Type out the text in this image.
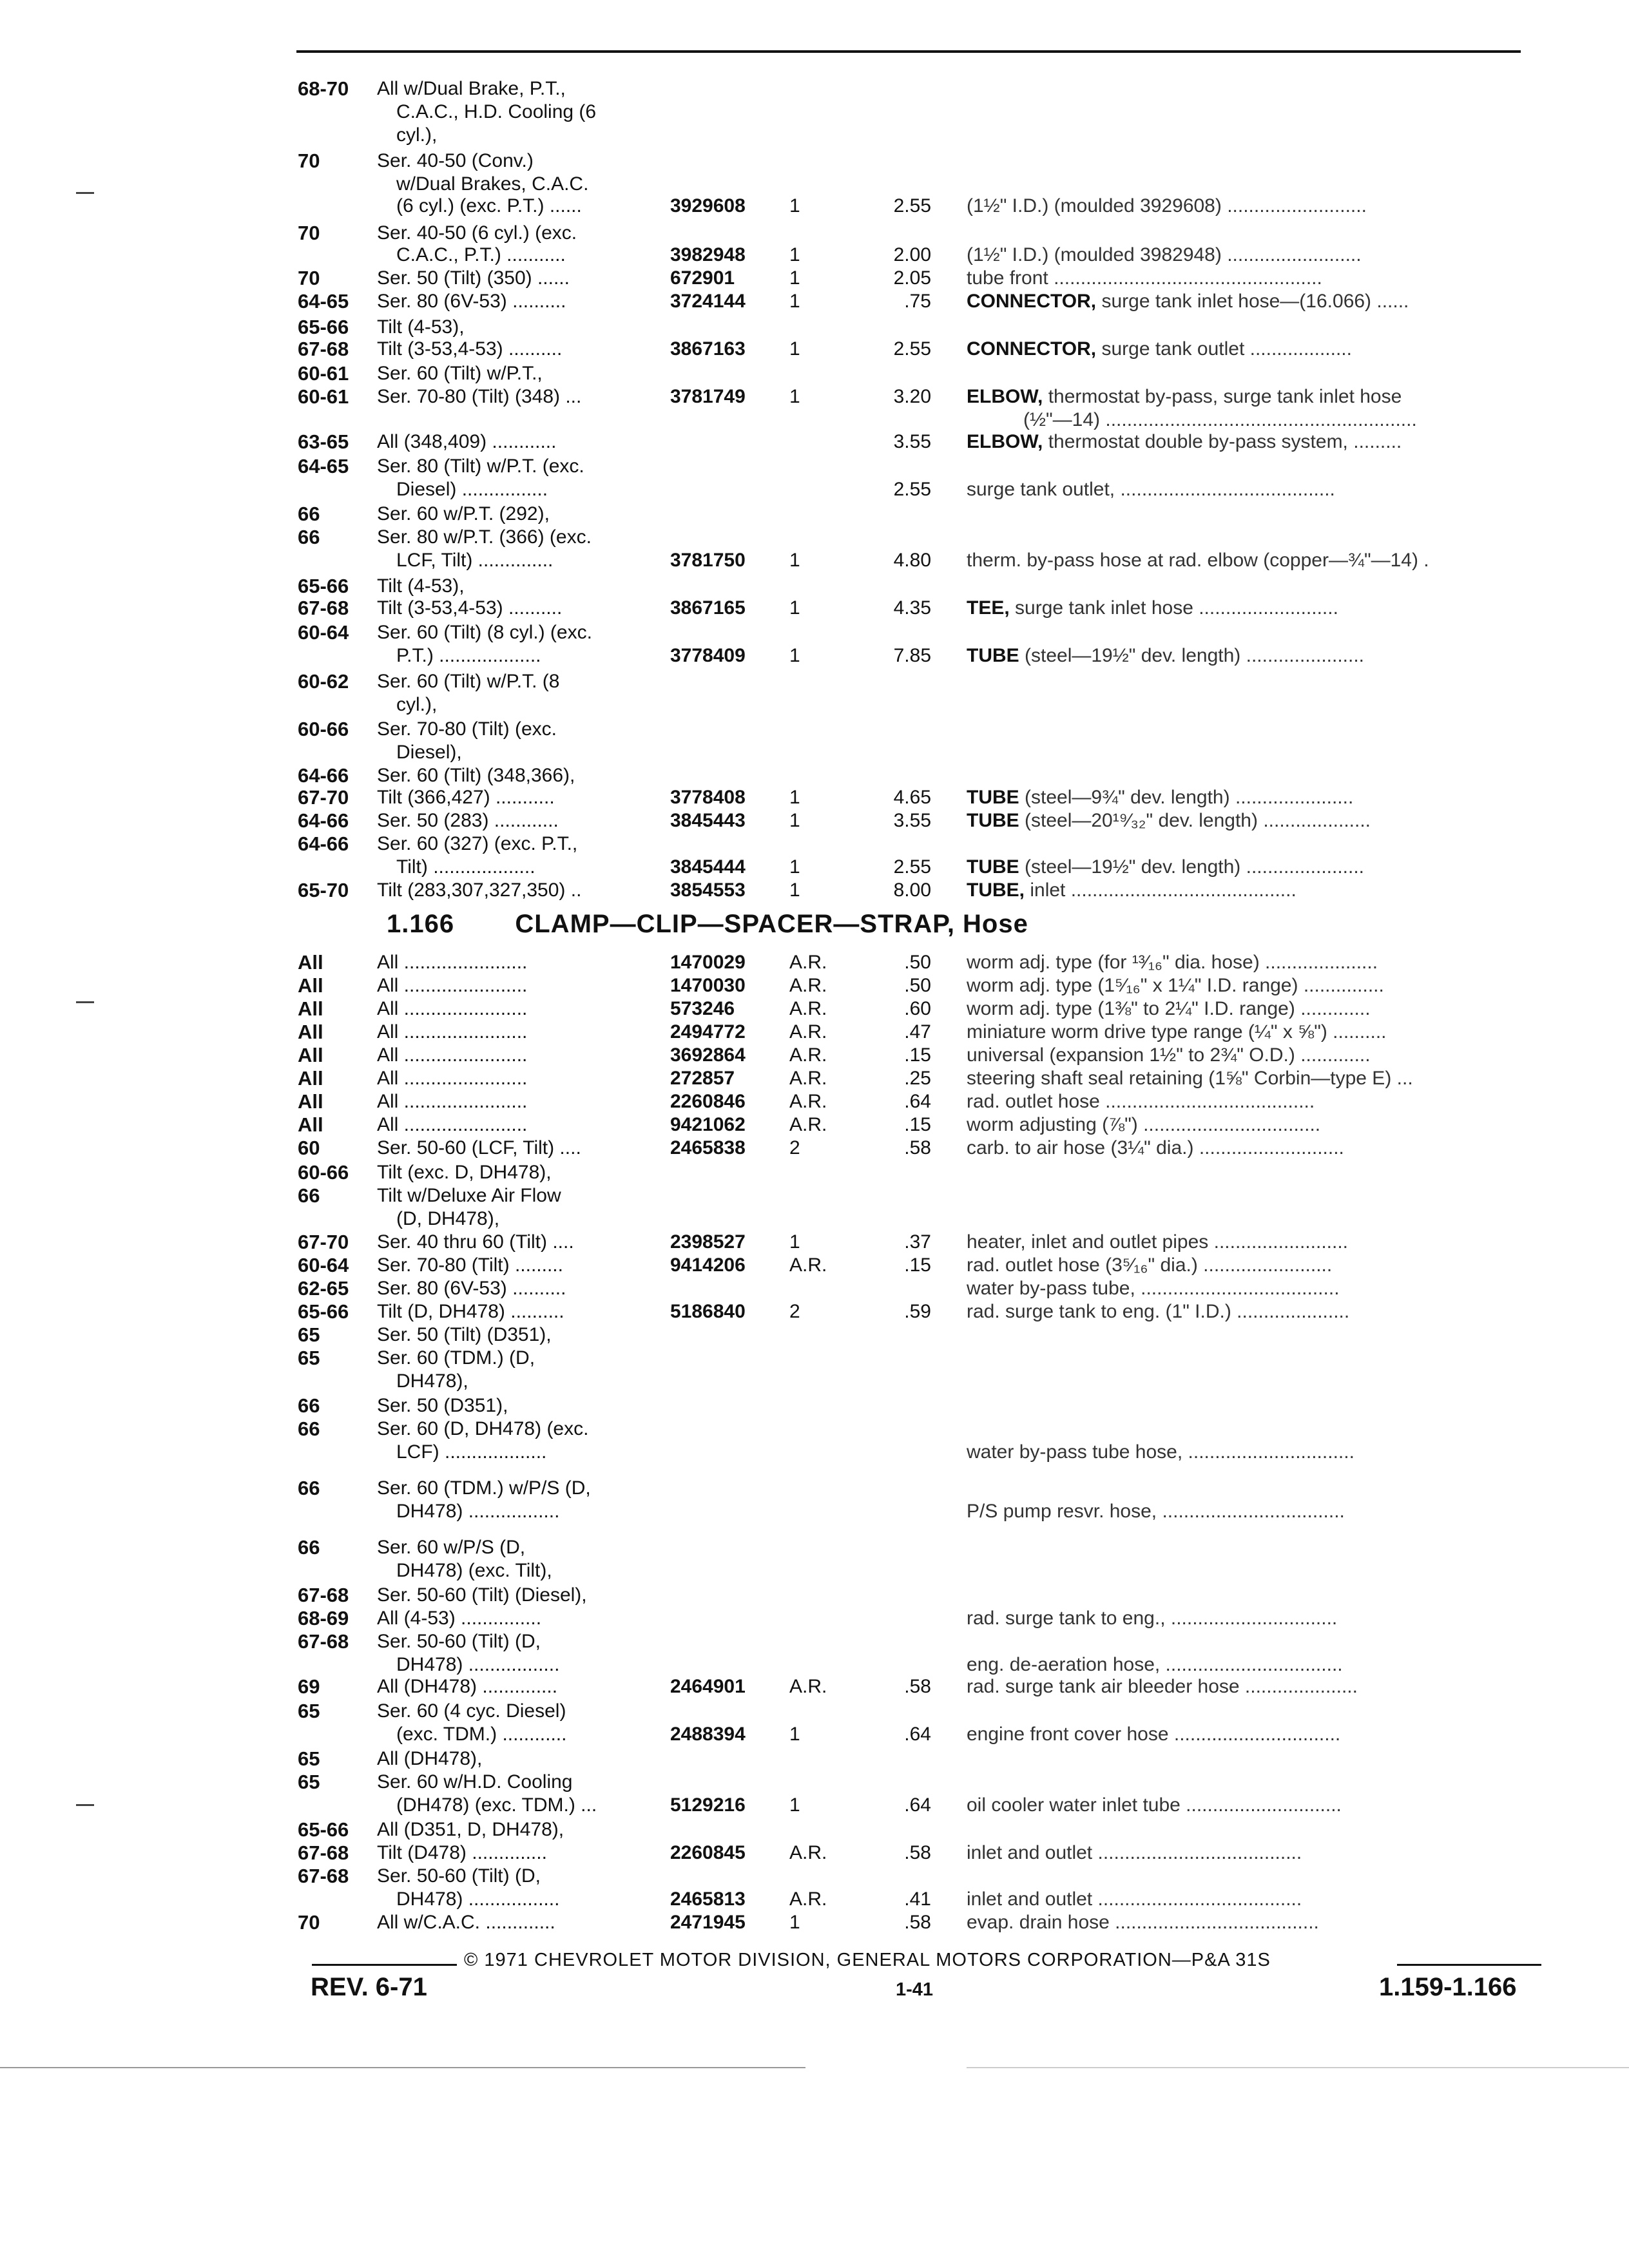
68-70	All w/Dual Brake, P.T.,
C.A.C., H.D. Cooling (6
cyl.),
70	Ser. 40-50 (Conv.)
w/Dual Brakes, C.A.C.
(6 cyl.) (exc. P.T.) ......	3929608 1	2.55 (1½" I.D.) (moulded 3929608) ..........................
70	Ser. 40-50 (6 cyl.) (exc.
C.A.C., P.T.) ...........	3982948 1	2.00 (1½" I.D.) (moulded 3982948) .........................
70	Ser. 50 (Tilt) (350) ......	672901	1	2.05 tube front ..................................................
64-65	Ser. 80 (6V-53) ..........	3724144 1	.75 CONNECTOR, surge tank inlet hose—(16.066) ......
65-66	Tilt (4-53),
67-68	Tilt (3-53,4-53) ..........	3867163 1	2.55 CONNECTOR, surge tank outlet ...................
60-61	Ser. 60 (Tilt) w/P.T.,
60-61	Ser. 70-80 (Tilt) (348) ...	3781749 1	3.20 ELBOW, thermostat by-pass, surge tank inlet hose
(½"—14) ..........................................................
63-65	All (348,409) ............	3.55 ELBOW, thermostat double by-pass system, .........
64-65	Ser. 80 (Tilt) w/P.T. (exc.
Diesel) ................	2.55 surge tank outlet, ........................................
66	Ser. 60 w/P.T. (292),
66	Ser. 80 w/P.T. (366) (exc.
LCF, Tilt) ..............	3781750 1	4.80 therm. by-pass hose at rad. elbow (copper—¾"—14) .
65-66	Tilt (4-53),
67-68	Tilt (3-53,4-53) ..........	3867165 1	4.35 TEE, surge tank inlet hose ..........................
60-64	Ser. 60 (Tilt) (8 cyl.) (exc.
P.T.) ...................	3778409 1	7.85 TUBE (steel—19½" dev. length) ......................
60-62	Ser. 60 (Tilt) w/P.T. (8
cyl.),
60-66	Ser. 70-80 (Tilt) (exc.
Diesel),
64-66	Ser. 60 (Tilt) (348,366),
67-70	Tilt (366,427) ...........	3778408 1	4.65 TUBE (steel—9¾" dev. length) ......................
64-66	Ser. 50 (283) ............	3845443 1	3.55 TUBE (steel—20¹⁹⁄₃₂" dev. length) ....................
64-66	Ser. 60 (327) (exc. P.T.,
Tilt) ...................	3845444 1	2.55 TUBE (steel—19½" dev. length) ......................
65-70	Tilt (283,307,327,350) ..	3854553 1	8.00 TUBE, inlet ..........................................
1.166 CLAMP—CLIP—SPACER—STRAP, Hose
All	All .......................	1470029 A.R.	.50 worm adj. type (for ¹³⁄₁₆" dia. hose) .....................
All	All .......................	1470030 A.R.	.50 worm adj. type (1⁵⁄₁₆" x 1¼" I.D. range) ...............
All	All .......................	573246	A.R.	.60 worm adj. type (1⅜" to 2¼" I.D. range) .............
All	All .......................	2494772 A.R.	.47 miniature worm drive type range (¼" x ⅝") ..........
All	All .......................	3692864 A.R.	.15 universal (expansion 1½" to 2¾" O.D.) .............
All	All .......................	272857	A.R.	.25 steering shaft seal retaining (1⅝" Corbin—type E) ...
All	All .......................	2260846 A.R.	.64 rad. outlet hose .......................................
All	All .......................	9421062 A.R.	.15 worm adjusting (⅞") .................................
60	Ser. 50-60 (LCF, Tilt) ....	2465838 2	.58 carb. to air hose (3¼" dia.) ...........................
60-66	Tilt (exc. D, DH478),
66	Tilt w/Deluxe Air Flow
(D, DH478),
67-70	Ser. 40 thru 60 (Tilt) ....	2398527 1	.37 heater, inlet and outlet pipes .........................
60-64	Ser. 70-80 (Tilt) .........	9414206 A.R.	.15 rad. outlet hose (3⁵⁄₁₆" dia.) ........................
62-65	Ser. 80 (6V-53) ..........	water by-pass tube, .....................................
65-66	Tilt (D, DH478) ..........	5186840 2	.59 rad. surge tank to eng. (1" I.D.) .....................
65	Ser. 50 (Tilt) (D351),
65	Ser. 60 (TDM.) (D,
DH478),
66	Ser. 50 (D351),
66	Ser. 60 (D, DH478) (exc.
LCF) ...................	water by-pass tube hose, ...............................
66	Ser. 60 (TDM.) w/P/S (D,
DH478) .................	P/S pump resvr. hose, ..................................
66	Ser. 60 w/P/S (D,
DH478) (exc. Tilt),
67-68	Ser. 50-60 (Tilt) (Diesel),
68-69	All (4-53) ...............	rad. surge tank to eng., ...............................
67-68	Ser. 50-60 (Tilt) (D,
DH478) .................	eng. de-aeration hose, .................................
69	All (DH478) ..............	2464901 A.R.	.58 rad. surge tank air bleeder hose .....................
65	Ser. 60 (4 cyc. Diesel)
(exc. TDM.) ............	2488394 1	.64 engine front cover hose ...............................
65	All (DH478),
65	Ser. 60 w/H.D. Cooling
(DH478) (exc. TDM.) ...	5129216 1	.64 oil cooler water inlet tube .............................
65-66	All (D351, D, DH478),
67-68	Tilt (D478) ..............	2260845 A.R.	.58 inlet and outlet ......................................
67-68	Ser. 50-60 (Tilt) (D,
DH478) .................	2465813 A.R.	.41 inlet and outlet ......................................
70	All w/C.A.C. .............	2471945 1	.58 evap. drain hose ......................................
© 1971 CHEVROLET MOTOR DIVISION, GENERAL MOTORS CORPORATION—P&A 31S
REV. 6-71	1-41	1.159-1.166
